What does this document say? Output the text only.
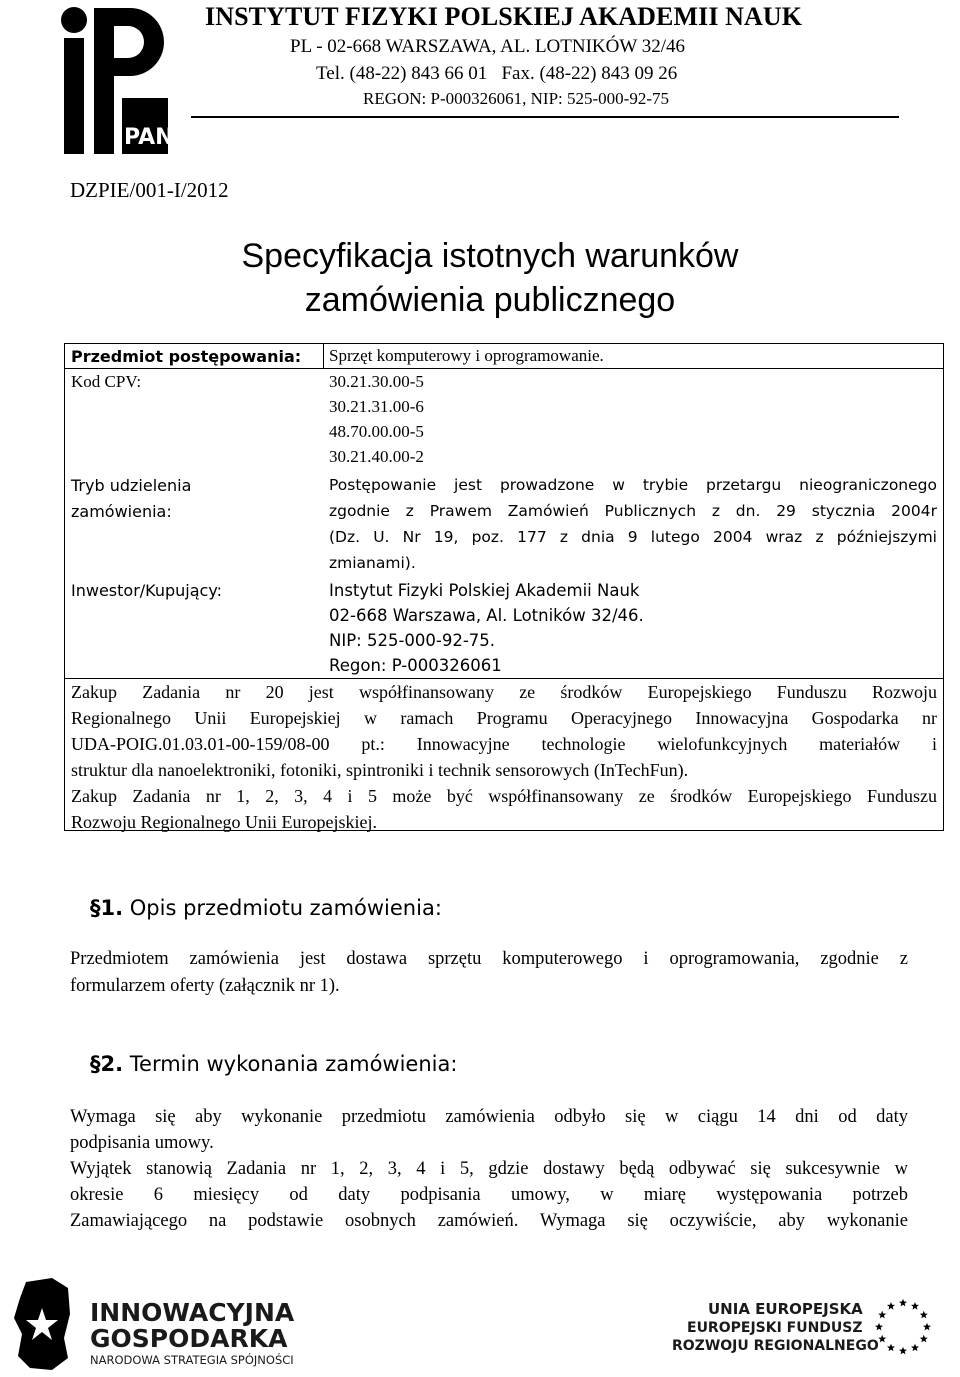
PAN
INSTYTUT FIZYKI POLSKIEJ AKADEMII NAUK
PL - 02-668 WARSZAWA, AL. LOTNIKÓW 32/46
Tel. (48-22) 843 66 01   Fax. (48-22) 843 09 26
REGON: P-000326061, NIP: 525-000-92-75
DZPIE/001-I/2012
Specyfikacja istotnych warunków
zamówienia publicznego
Przedmiot postępowania: Sprzęt komputerowy i oprogramowanie.
Kod CPV:	30.21.30.00-5
30.21.31.00-6
48.70.00.00-5
30.21.40.00-2
Tryb udzielenia
zamówienia:
Postępowanie jest prowadzone w trybie przetargu nieograniczonego
zgodnie z Prawem Zamówień Publicznych z dn. 29 stycznia 2004r
(Dz. U. Nr 19, poz. 177 z dnia 9 lutego 2004 wraz z późniejszymi
zmianami).
Inwestor/Kupujący:	Instytut Fizyki Polskiej Akademii Nauk
02-668 Warszawa, Al. Lotników 32/46.
NIP: 525-000-92-75.
Regon: P-000326061
Zakup Zadania nr 20 jest współfinansowany ze środków Europejskiego Funduszu Rozwoju
Regionalnego Unii Europejskiej w ramach Programu Operacyjnego Innowacyjna Gospodarka nr
UDA-POIG.01.03.01-00-159/08-00 pt.: Innowacyjne technologie wielofunkcyjnych materiałów i
struktur dla nanoelektroniki, fotoniki, spintroniki i technik sensorowych (InTechFun).
Zakup Zadania nr 1, 2, 3, 4 i 5 może być współfinansowany ze środków Europejskiego Funduszu
Rozwoju Regionalnego Unii Europejskiej.
§1. Opis przedmiotu zamówienia:
Przedmiotem zamówienia jest dostawa sprzętu komputerowego i oprogramowania, zgodnie z
formularzem oferty (załącznik nr 1).
§2. Termin wykonania zamówienia:
Wymaga się aby wykonanie przedmiotu zamówienia odbyło się w ciągu 14 dni od daty
podpisania umowy.
Wyjątek stanowią Zadania nr 1, 2, 3, 4 i 5, gdzie dostawy będą odbywać się sukcesywnie w
okresie 6 miesięcy od daty podpisania umowy, w miarę występowania potrzeb
Zamawiającego na podstawie osobnych zamówień. Wymaga się oczywiście, aby wykonanie
INNOWACYJNA
GOSPODARKA
NARODOWA STRATEGIA SPÓJNOŚCI
UNIA EUROPEJSKA
EUROPEJSKI FUNDUSZ
ROZWOJU REGIONALNEGO
